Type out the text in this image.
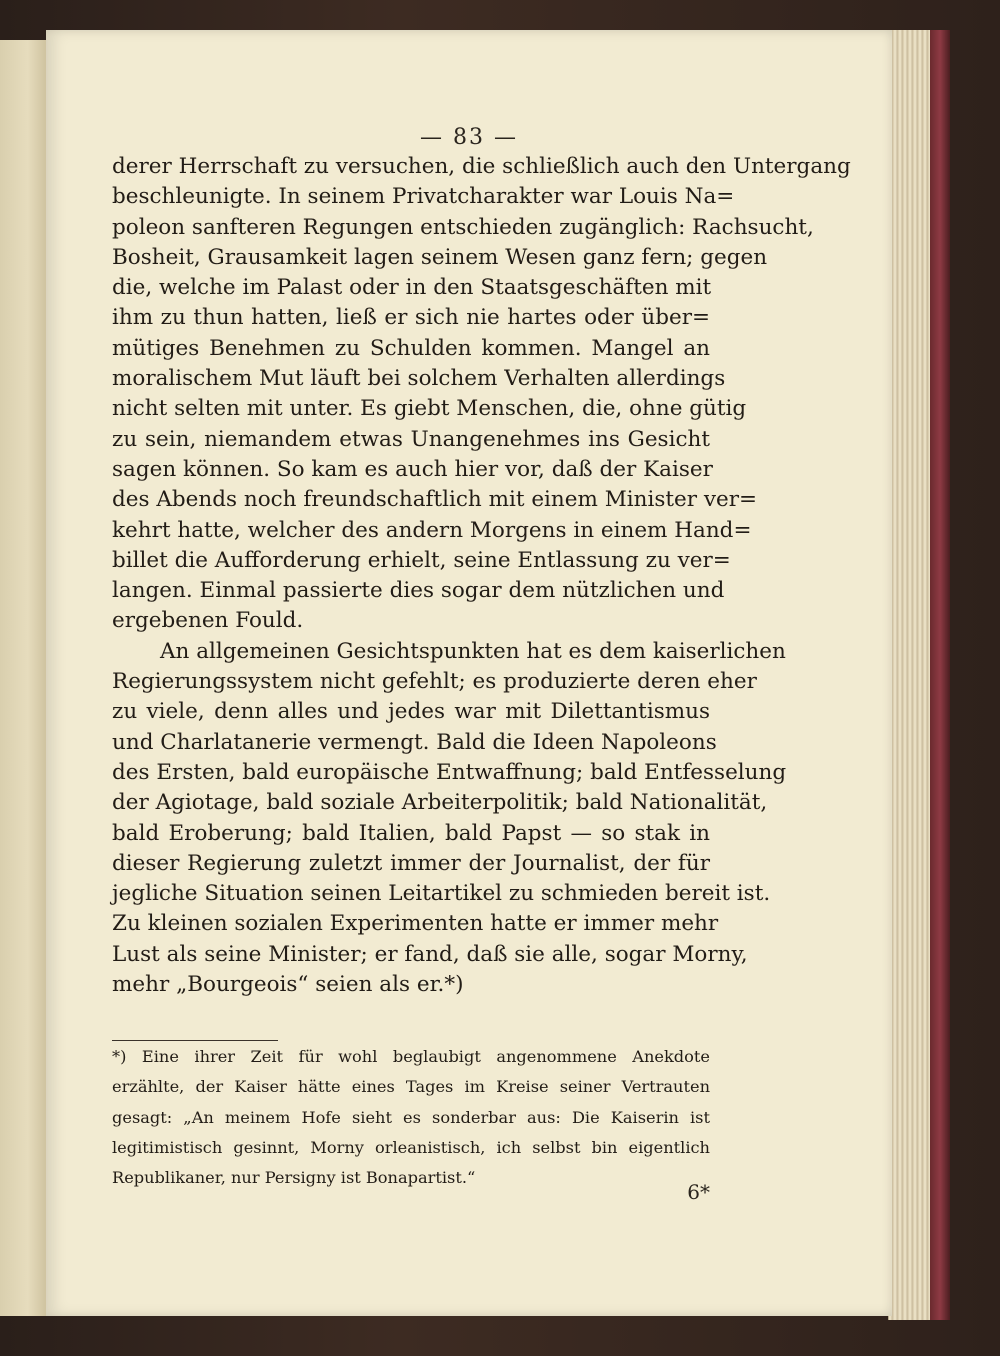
— 83 —
derer Herrschaft zu versuchen, die schließlich auch den Untergang
beschleunigte. In seinem Privatcharakter war Louis Na=
poleon sanfteren Regungen entschieden zugänglich: Rachsucht,
Bosheit, Grausamkeit lagen seinem Wesen ganz fern; gegen
die, welche im Palast oder in den Staatsgeschäften mit
ihm zu thun hatten, ließ er sich nie hartes oder über=
mütiges Benehmen zu Schulden kommen. Mangel an
moralischem Mut läuft bei solchem Verhalten allerdings
nicht selten mit unter. Es giebt Menschen, die, ohne gütig
zu sein, niemandem etwas Unangenehmes ins Gesicht
sagen können. So kam es auch hier vor, daß der Kaiser
des Abends noch freundschaftlich mit einem Minister ver=
kehrt hatte, welcher des andern Morgens in einem Hand=
billet die Aufforderung erhielt, seine Entlassung zu ver=
langen. Einmal passierte dies sogar dem nützlichen und
ergebenen Fould.
An allgemeinen Gesichtspunkten hat es dem kaiserlichen
Regierungssystem nicht gefehlt; es produzierte deren eher
zu viele, denn alles und jedes war mit Dilettantismus
und Charlatanerie vermengt. Bald die Ideen Napoleons
des Ersten, bald europäische Entwaffnung; bald Entfesselung
der Agiotage, bald soziale Arbeiterpolitik; bald Nationalität,
bald Eroberung; bald Italien, bald Papst — so stak in
dieser Regierung zuletzt immer der Journalist, der für
jegliche Situation seinen Leitartikel zu schmieden bereit ist.
Zu kleinen sozialen Experimenten hatte er immer mehr
Lust als seine Minister; er fand, daß sie alle, sogar Morny,
mehr „Bourgeois“ seien als er.*)
*) Eine ihrer Zeit für wohl beglaubigt angenommene Anekdote
erzählte, der Kaiser hätte eines Tages im Kreise seiner Vertrauten
gesagt: „An meinem Hofe sieht es sonderbar aus: Die Kaiserin ist
legitimistisch gesinnt, Morny orleanistisch, ich selbst bin eigentlich
Republikaner, nur Persigny ist Bonapartist.“
6*
